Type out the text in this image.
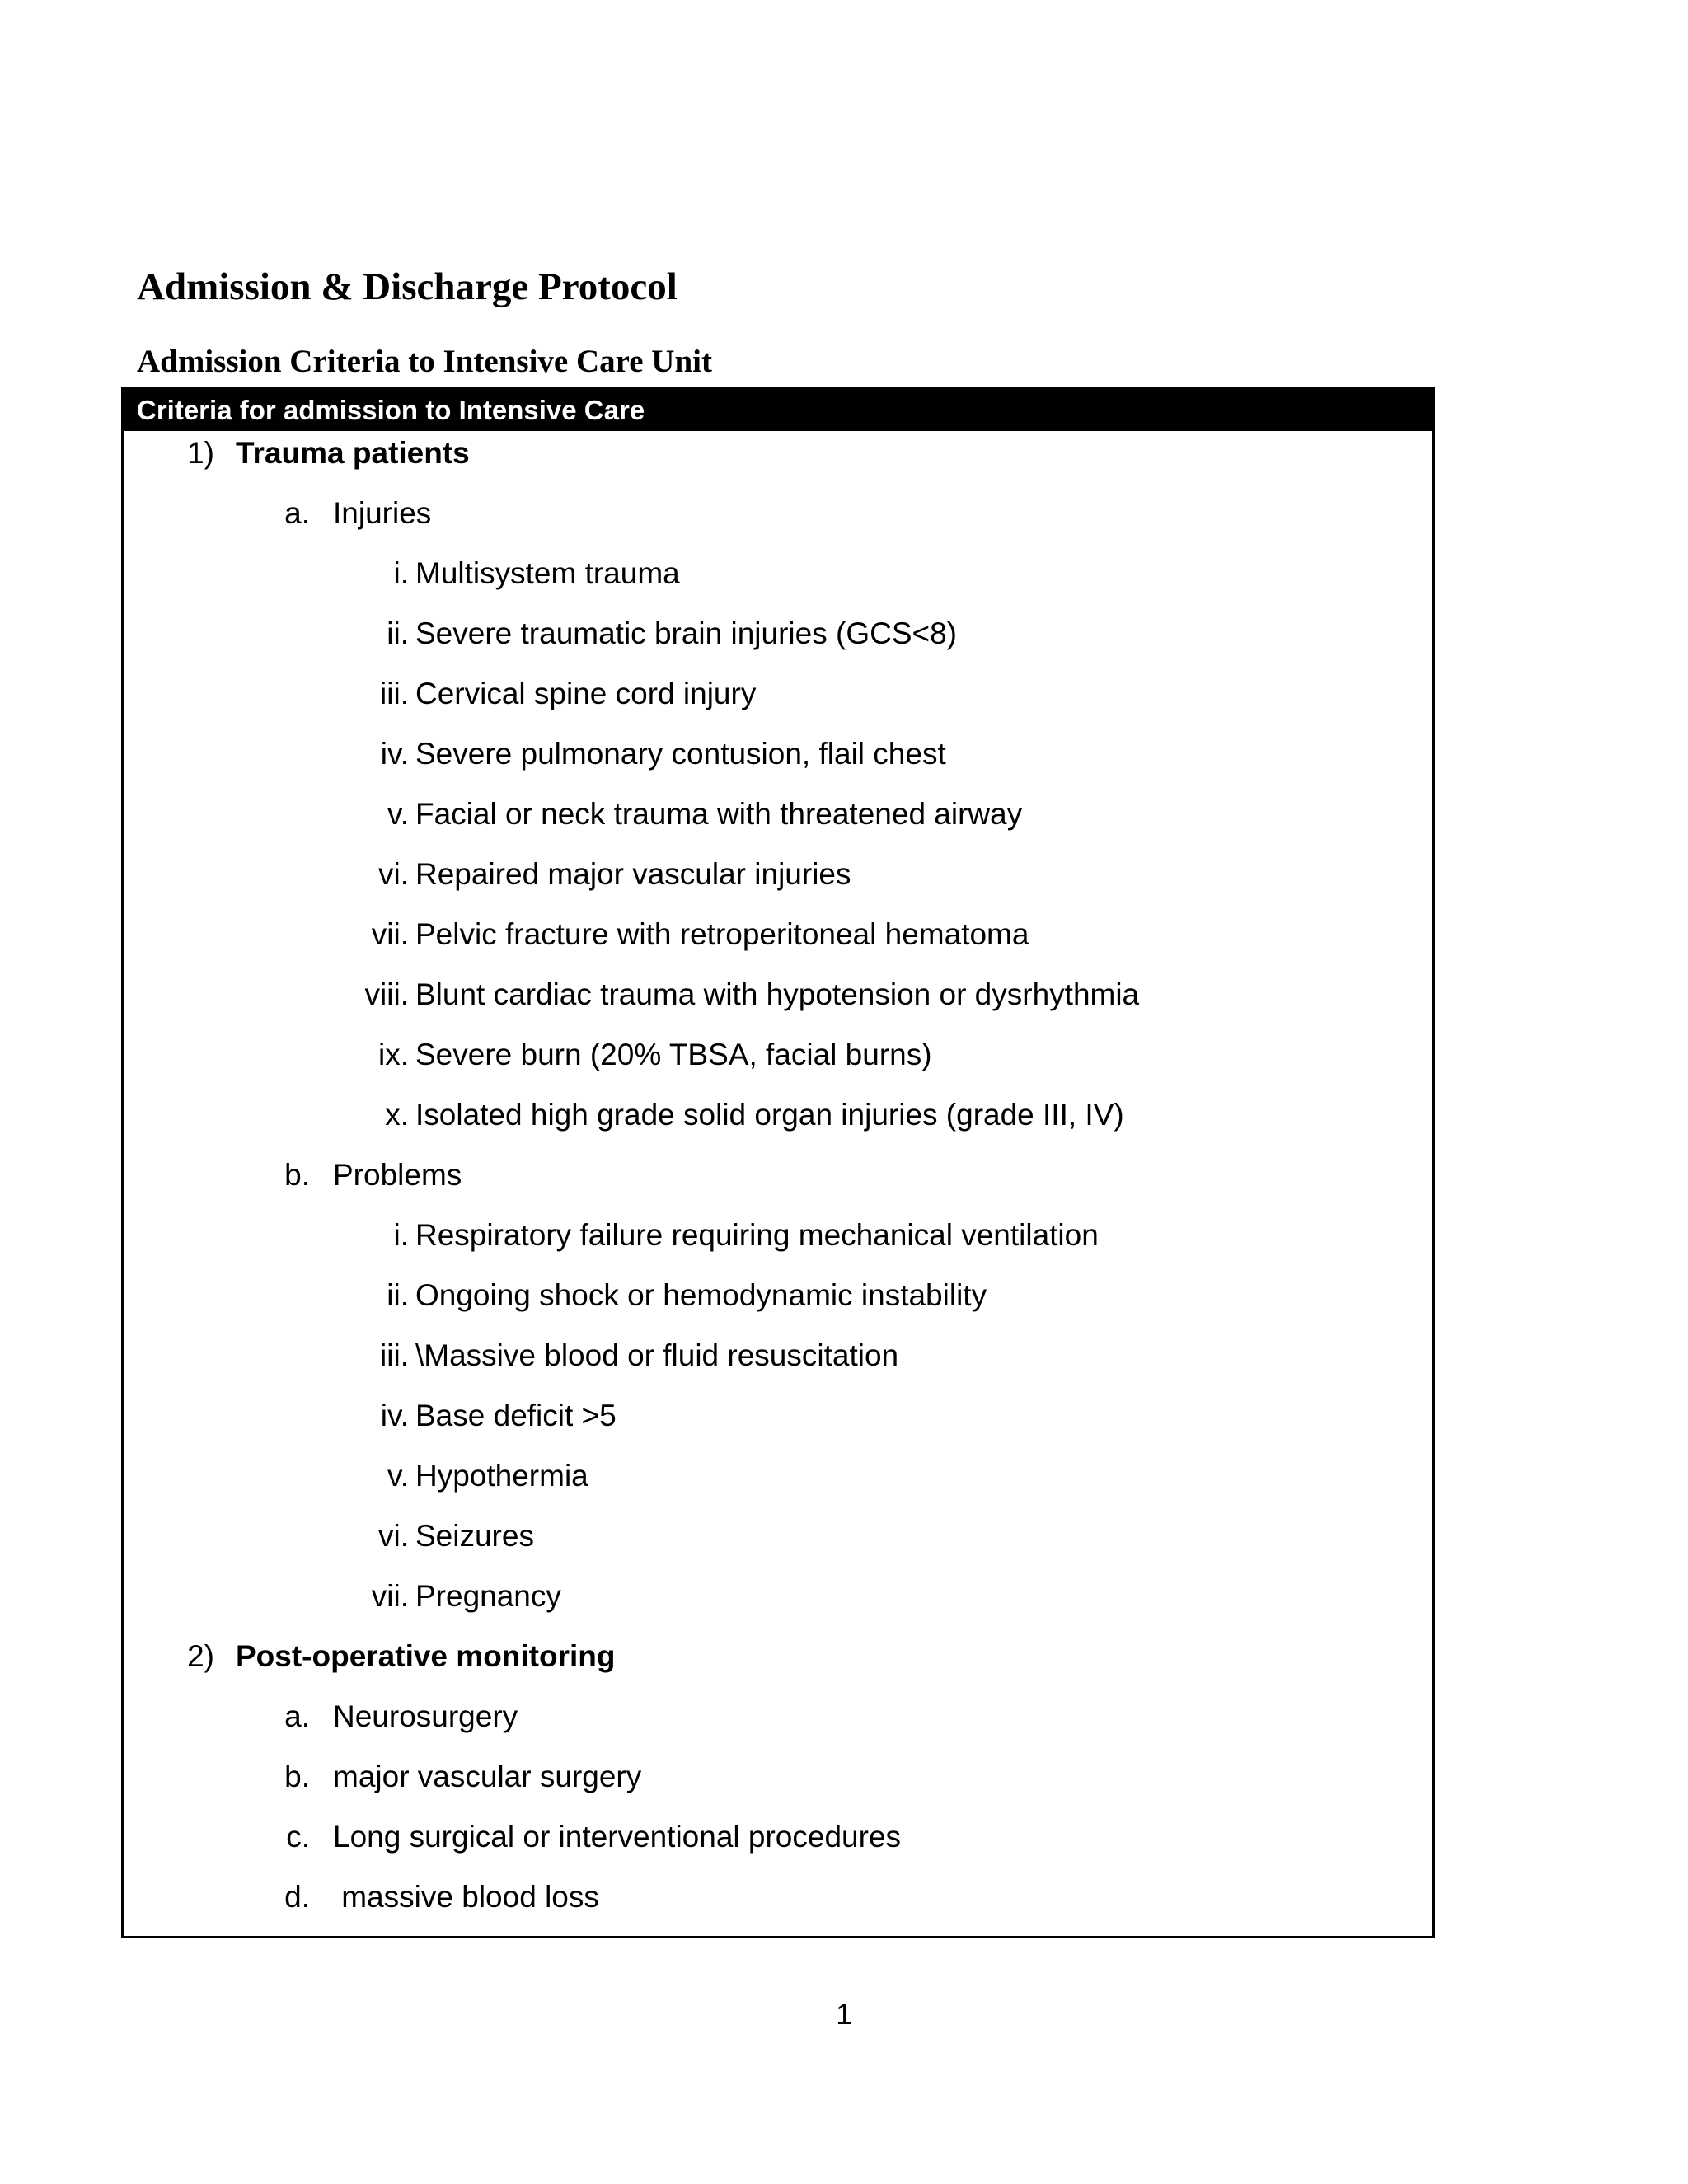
Admission & Discharge Protocol
Admission Criteria to Intensive Care Unit
Criteria for admission to Intensive Care
1) Trauma patients
a. Injuries
i. Multisystem trauma
ii. Severe traumatic brain injuries (GCS<8)
iii. Cervical spine cord injury
iv. Severe pulmonary contusion, flail chest
v. Facial or neck trauma with threatened airway
vi. Repaired major vascular injuries
vii. Pelvic fracture with retroperitoneal hematoma
viii. Blunt cardiac trauma with hypotension or dysrhythmia
ix. Severe burn (20% TBSA, facial burns)
x. Isolated high grade solid organ injuries (grade III, IV)
b. Problems
i. Respiratory failure requiring mechanical ventilation
ii. Ongoing shock or hemodynamic instability
iii. \Massive blood or fluid resuscitation
iv. Base deficit >5
v. Hypothermia
vi. Seizures
vii. Pregnancy
2) Post-operative monitoring
a. Neurosurgery
b. major vascular surgery
c. Long surgical or interventional procedures
d. massive blood loss
1
